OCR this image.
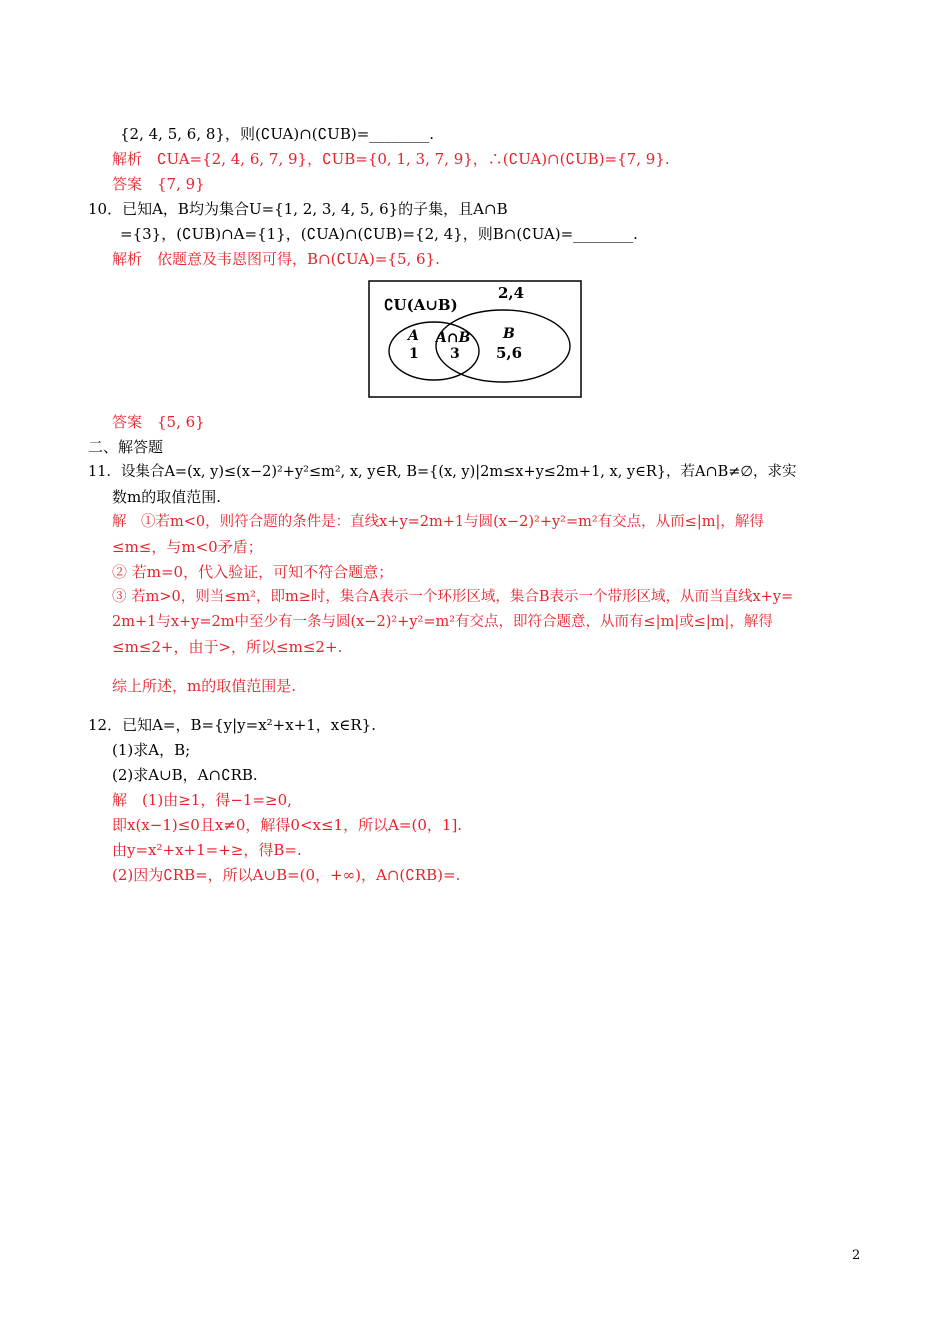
{2, 4, 5, 6, 8}，则(∁UA)∩(∁UB)=________.
解析　∁UA={2, 4, 6, 7, 9}，∁UB={0, 1, 3, 7, 9}，∴(∁UA)∩(∁UB)={7, 9}.
答案　{7, 9}
10．已知A，B均为集合U={1, 2, 3, 4, 5, 6}的子集，且A∩B
={3}，(∁UB)∩A={1}，(∁UA)∩(∁UB)={2, 4}，则B∩(∁UA)=________.
解析　依题意及韦恩图可得，B∩(∁UA)={5, 6}.
∁U(A∪B)
2,4
A
1
A∩B
3
B
5,6
答案　{5, 6}
二、解答题
11．设集合A=(x, y)≤(x−2)²+y²≤m², x, y∈R, B={(x, y)|2m≤x+y≤2m+1, x, y∈R}，若A∩B≠∅，求实
数m的取值范围.
解　①若m<0，则符合题的条件是：直线x+y=2m+1与圆(x−2)²+y²=m²有交点，从而≤|m|，解得
≤m≤，与m<0矛盾；
② 若m=0，代入验证，可知不符合题意；
③ 若m>0，则当≤m²，即m≥时，集合A表示一个环形区域，集合B表示一个带形区域，从而当直线x+y=
2m+1与x+y=2m中至少有一条与圆(x−2)²+y²=m²有交点，即符合题意，从而有≤|m|或≤|m|，解得
≤m≤2+，由于>，所以≤m≤2+.
综上所述，m的取值范围是.
12．已知A=，B={y|y=x²+x+1，x∈R}.
(1)求A，B;
(2)求A∪B，A∩∁RB.
解　(1)由≥1，得−1=≥0,
即x(x−1)≤0且x≠0，解得0<x≤1，所以A=(0，1].
由y=x²+x+1=+≥，得B=.
(2)因为∁RB=，所以A∪B=(0，+∞)，A∩(∁RB)=.
2
